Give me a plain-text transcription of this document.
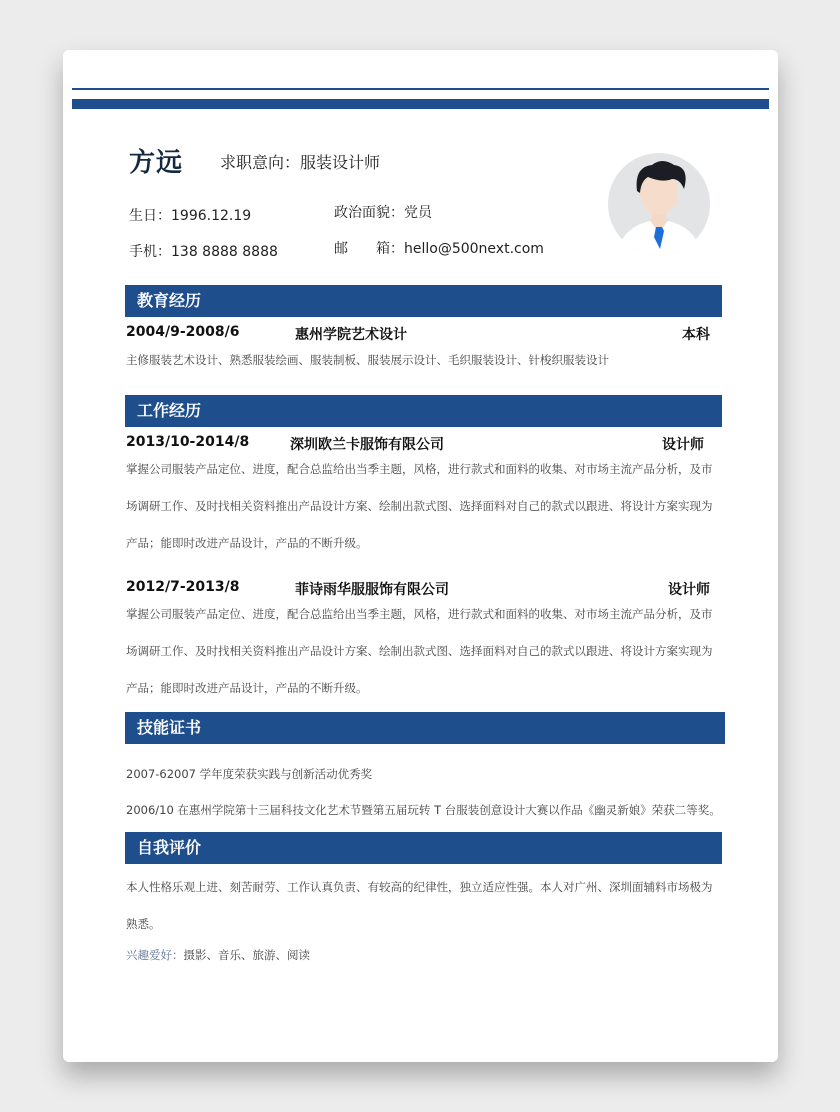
方远 求职意向：服装设计师
生日：1996.12.19
手机：138 8888 8888
政治面貌：党员
邮　　箱：hello@500next.com
教育经历
2004/9-2008/6	惠州学院艺术设计	本科
主修服装艺术设计、熟悉服装绘画、服装制板、服装展示设计、毛织服装设计、针梭织服装设计
工作经历
2013/10-2014/8	深圳欧兰卡服饰有限公司	设计师
掌握公司服装产品定位、进度，配合总监给出当季主题，风格，进行款式和面料的收集、对市场主流产品分析，及市场调研工作、及时找相关资料推出产品设计方案、绘制出款式图、选择面料对自己的款式以跟进、将设计方案实现为产品；能即时改进产品设计，产品的不断升级。
2012/7-2013/8	菲诗雨华服服饰有限公司	设计师
掌握公司服装产品定位、进度，配合总监给出当季主题，风格，进行款式和面料的收集、对市场主流产品分析，及市场调研工作、及时找相关资料推出产品设计方案、绘制出款式图、选择面料对自己的款式以跟进、将设计方案实现为产品；能即时改进产品设计，产品的不断升级。
技能证书
2007-62007 学年度荣获实践与创新活动优秀奖
2006/10 在惠州学院第十三届科技文化艺术节暨第五届玩转 T 台服装创意设计大赛以作品《幽灵新娘》荣获二等奖。
自我评价
本人性格乐观上进、刻苦耐劳、工作认真负责、有较高的纪律性，独立适应性强。本人对广州、深圳面辅料市场极为熟悉。
兴趣爱好：摄影、音乐、旅游、阅读
